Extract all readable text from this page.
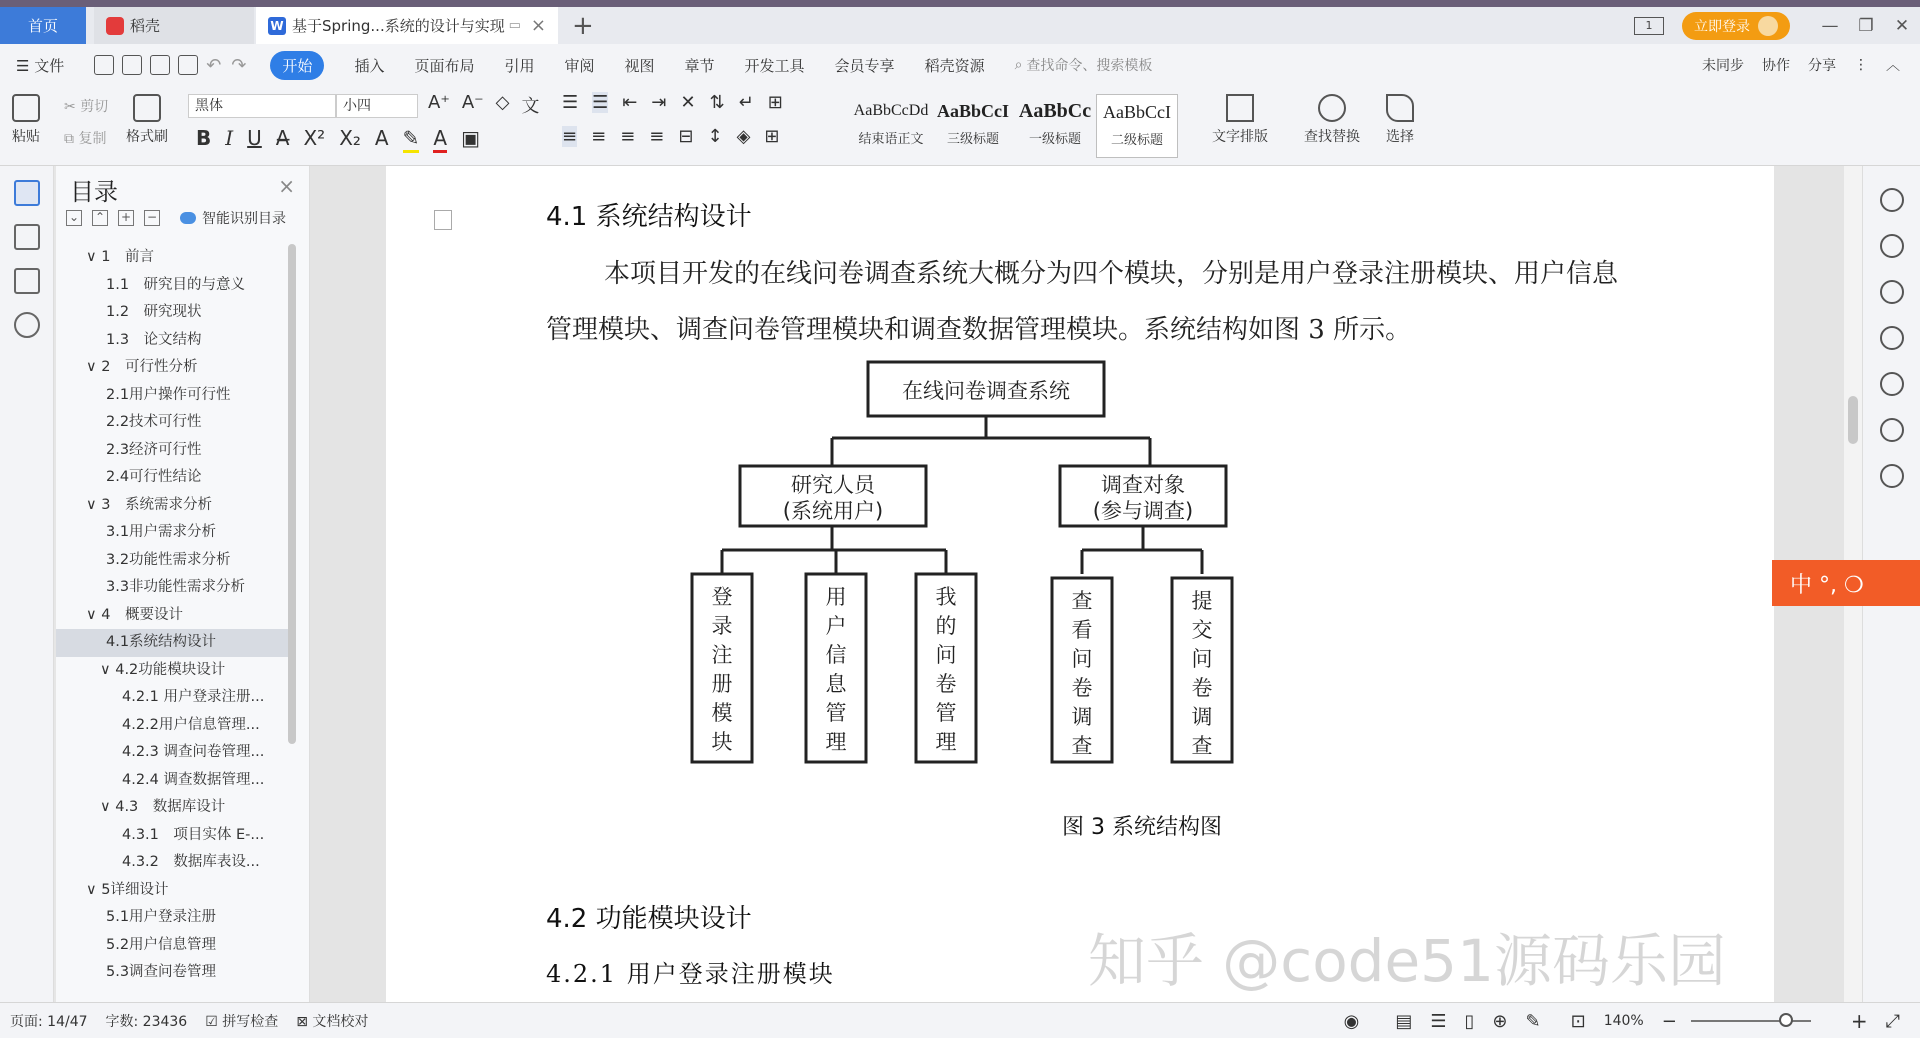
首页	稻壳	W 基于Spring...系统的设计与实现 ▭ × +	1	立即登录	—	❐	✕
☰ 文件	↶ ↷	开始	插入 页面布局 引用 审阅 视图 章节 开发工具 会员专享 稻壳资源 ⌕ 查找命令、搜索模板	未同步 协作 分享 ⋮ ︿
粘贴
✂ 剪切
⧉ 复制 格式刷
黑体	小四	A⁺ A⁻ ◇ 文
B I U A̶ X² X₂ A ✎ A ▣
☰ ☰ ⇤ ⇥ ✕ ⇅ ↵ ⊞
≡ ≡ ≡ ≡ ⊟ ↕ ◈ ⊞
AaBbCcDd
结束语正文
AaBbCcI
三级标题
AaBbCc
一级标题
AaBbCcI
二级标题	文字排版	查找替换 选择
目录	×
⌄ ⌃ + −	智能识别目录
∨ 1　前言
1.1　研究目的与意义
1.2　研究现状
1.3　论文结构
∨ 2　可行性分析
2.1用户操作可行性
2.2技术可行性
2.3经济可行性
2.4可行性结论
∨ 3　系统需求分析
3.1用户需求分析
3.2功能性需求分析
3.3非功能性需求分析
∨ 4　概要设计
4.1系统结构设计
∨ 4.2功能模块设计
4.2.1 用户登录注册...
4.2.2用户信息管理...
4.2.3 调查问卷管理...
4.2.4 调查数据管理...
∨ 4.3　数据库设计
4.3.1　项目实体 E-...
4.3.2　数据库表设...
∨ 5详细设计
5.1用户登录注册
5.2用户信息管理
5.3调查问卷管理
4.1 系统结构设计
本项目开发的在线问卷调查系统大概分为四个模块，分别是用户登录注册模块、用户信息管理模块、调查问卷管理模块和调查数据管理模块。系统结构如图 3 所示。
在线问卷调查系统
研究人员
(系统用户)
调查对象
(参与调查)
登
录
注
册
模
块
用
户
信
息
管
理
我
的
问
卷
管
理
查
看
问
卷
调
查
提
交
问
卷
调
查
图 3 系统结构图
4.2 功能模块设计
4.2.1 用户登录注册模块	知乎 @code51源码乐园
中 °, ❍
页面: 14/47 字数: 23436 ☑ 拼写检查 ⊠ 文档校对	◉ ▤ ☰ ▯ ⊕ ✎ ⊡ 140% −	+ ⤢
